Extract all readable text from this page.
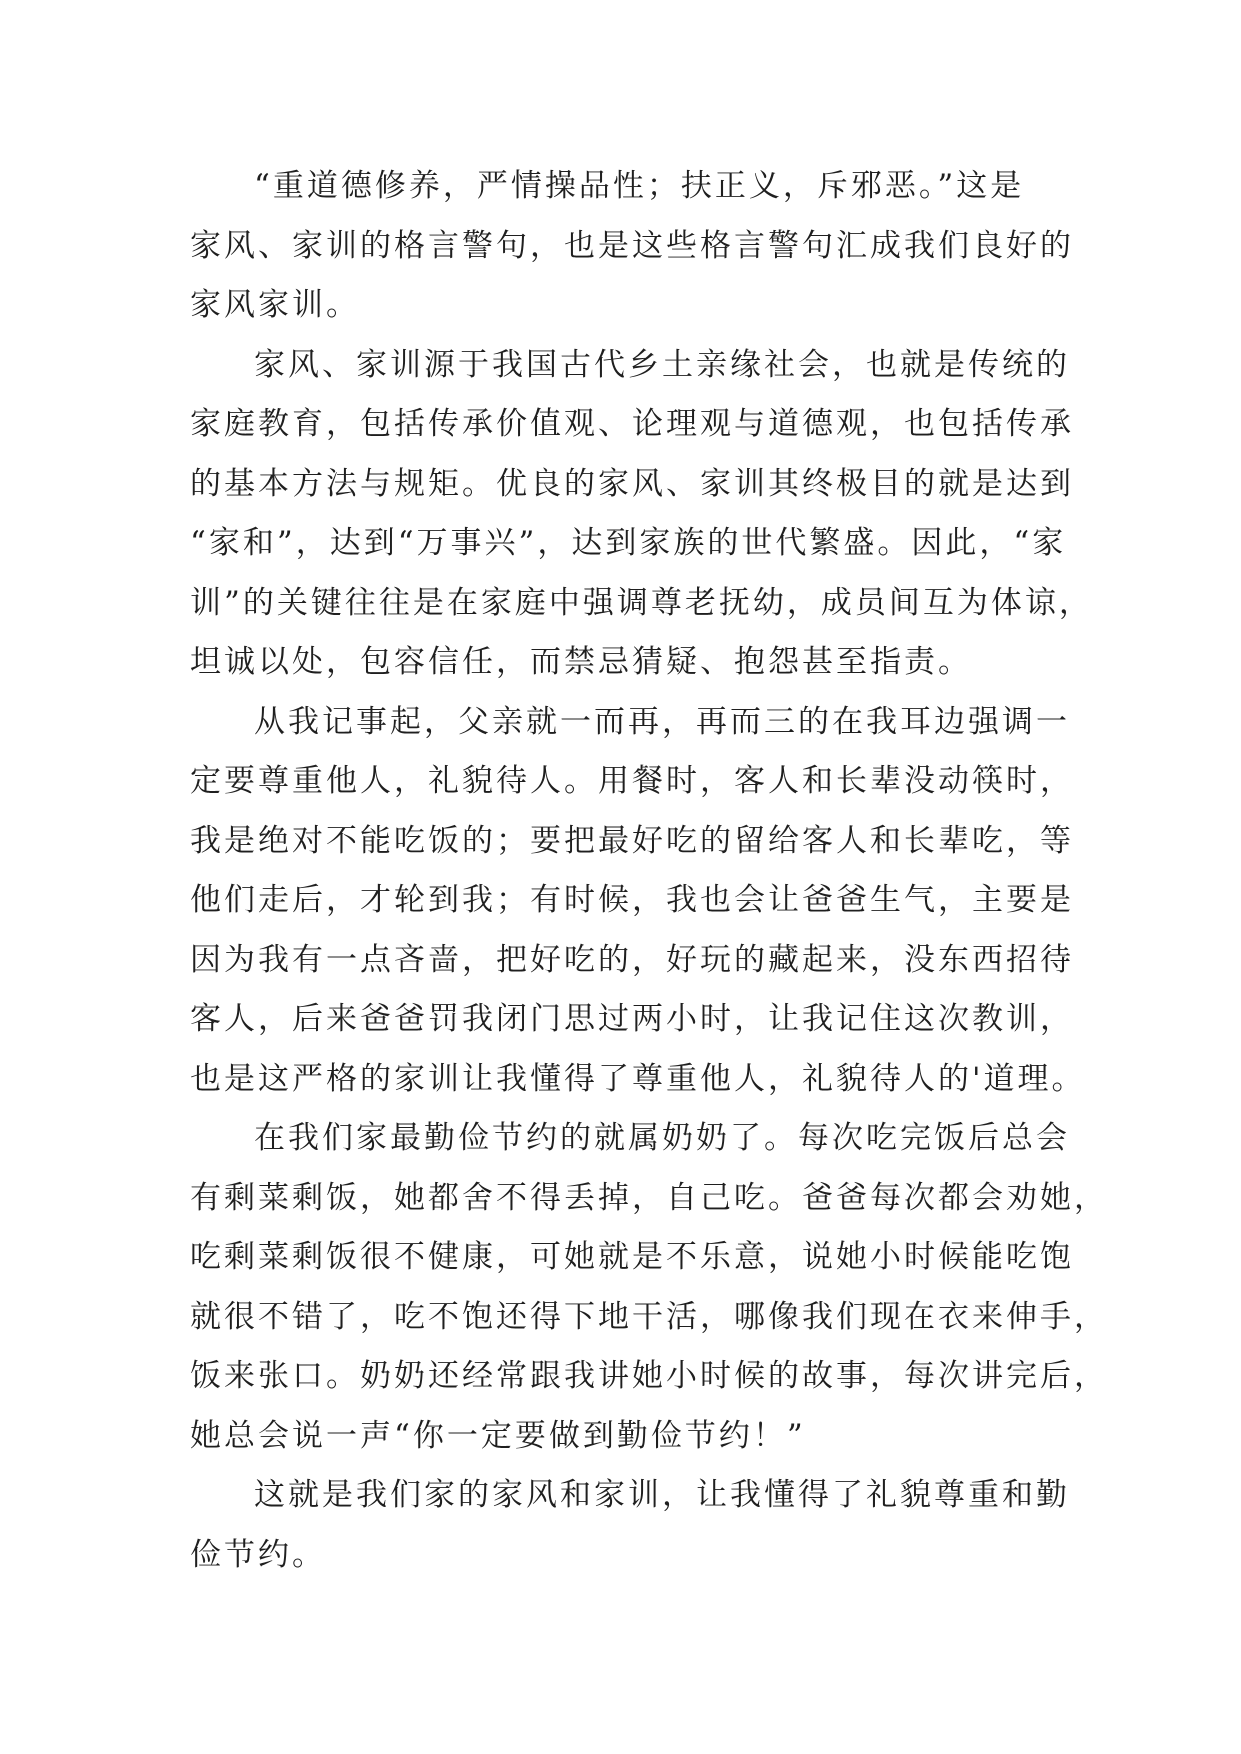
“重道德修养，严情操品性；扶正义，斥邪恶。”这是
家风、家训的格言警句，也是这些格言警句汇成我们良好的
家风家训。
家风、家训源于我国古代乡土亲缘社会，也就是传统的
家庭教育，包括传承价值观、论理观与道德观，也包括传承
的基本方法与规矩。优良的家风、家训其终极目的就是达到
“家和”，达到“万事兴”，达到家族的世代繁盛。因此，“家
训”的关键往往是在家庭中强调尊老抚幼，成员间互为体谅，
坦诚以处，包容信任，而禁忌猜疑、抱怨甚至指责。
从我记事起，父亲就一而再，再而三的在我耳边强调一
定要尊重他人，礼貌待人。用餐时，客人和长辈没动筷时，
我是绝对不能吃饭的；要把最好吃的留给客人和长辈吃，等
他们走后，才轮到我；有时候，我也会让爸爸生气，主要是
因为我有一点吝啬，把好吃的，好玩的藏起来，没东西招待
客人，后来爸爸罚我闭门思过两小时，让我记住这次教训，
也是这严格的家训让我懂得了尊重他人，礼貌待人的'道理。
在我们家最勤俭节约的就属奶奶了。每次吃完饭后总会
有剩菜剩饭，她都舍不得丢掉，自己吃。爸爸每次都会劝她，
吃剩菜剩饭很不健康，可她就是不乐意，说她小时候能吃饱
就很不错了，吃不饱还得下地干活，哪像我们现在衣来伸手，
饭来张口。奶奶还经常跟我讲她小时候的故事，每次讲完后，
她总会说一声“你一定要做到勤俭节约！”
这就是我们家的家风和家训，让我懂得了礼貌尊重和勤
俭节约。
